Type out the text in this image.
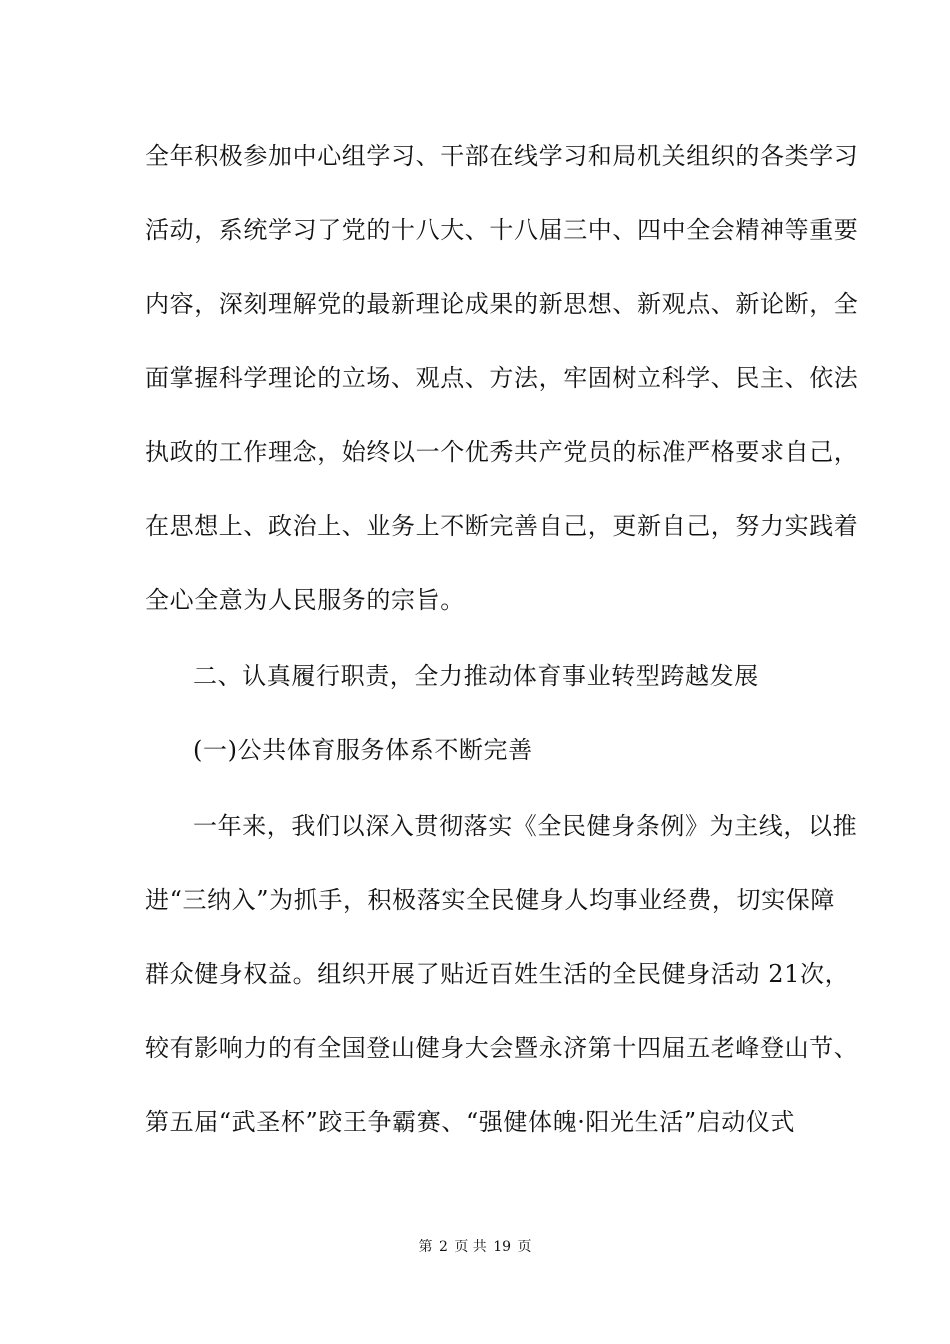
全年积极参加中心组学习、干部在线学习和局机关组织的各类学习
活动，系统学习了党的十八大、十八届三中、四中全会精神等重要
内容，深刻理解党的最新理论成果的新思想、新观点、新论断，全
面掌握科学理论的立场、观点、方法，牢固树立科学、民主、依法
执政的工作理念，始终以一个优秀共产党员的标准严格要求自己，
在思想上、政治上、业务上不断完善自己，更新自己，努力实践着
全心全意为人民服务的宗旨。
二、认真履行职责，全力推动体育事业转型跨越发展
(一)公共体育服务体系不断完善
一年来，我们以深入贯彻落实《全民健身条例》为主线，以推
进“三纳入”为抓手，积极落实全民健身人均事业经费，切实保障
群众健身权益。组织开展了贴近百姓生活的全民健身活动 21次，
较有影响力的有全国登山健身大会暨永济第十四届五老峰登山节、
第五届“武圣杯”跤王争霸赛、“强健体魄·阳光生活”启动仪式
第 2 页 共 19 页
